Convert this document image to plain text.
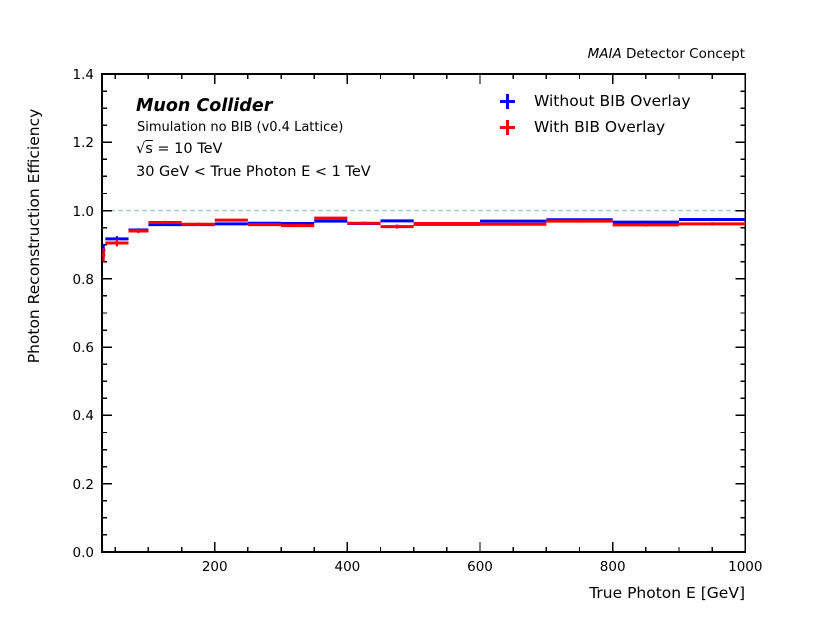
MAIA Detector Concept
Photon Reconstruction Efficiency
True Photon E [GeV]
Muon Collider
Simulation no BIB (v0.4 Lattice)
√s = 10 TeV
30 GeV < True Photon E < 1 TeV
Without BIB Overlay
With BIB Overlay
200	400	600	800	1000
0.0
0.2
0.4
0.6
0.8
1.0
1.2
1.4
